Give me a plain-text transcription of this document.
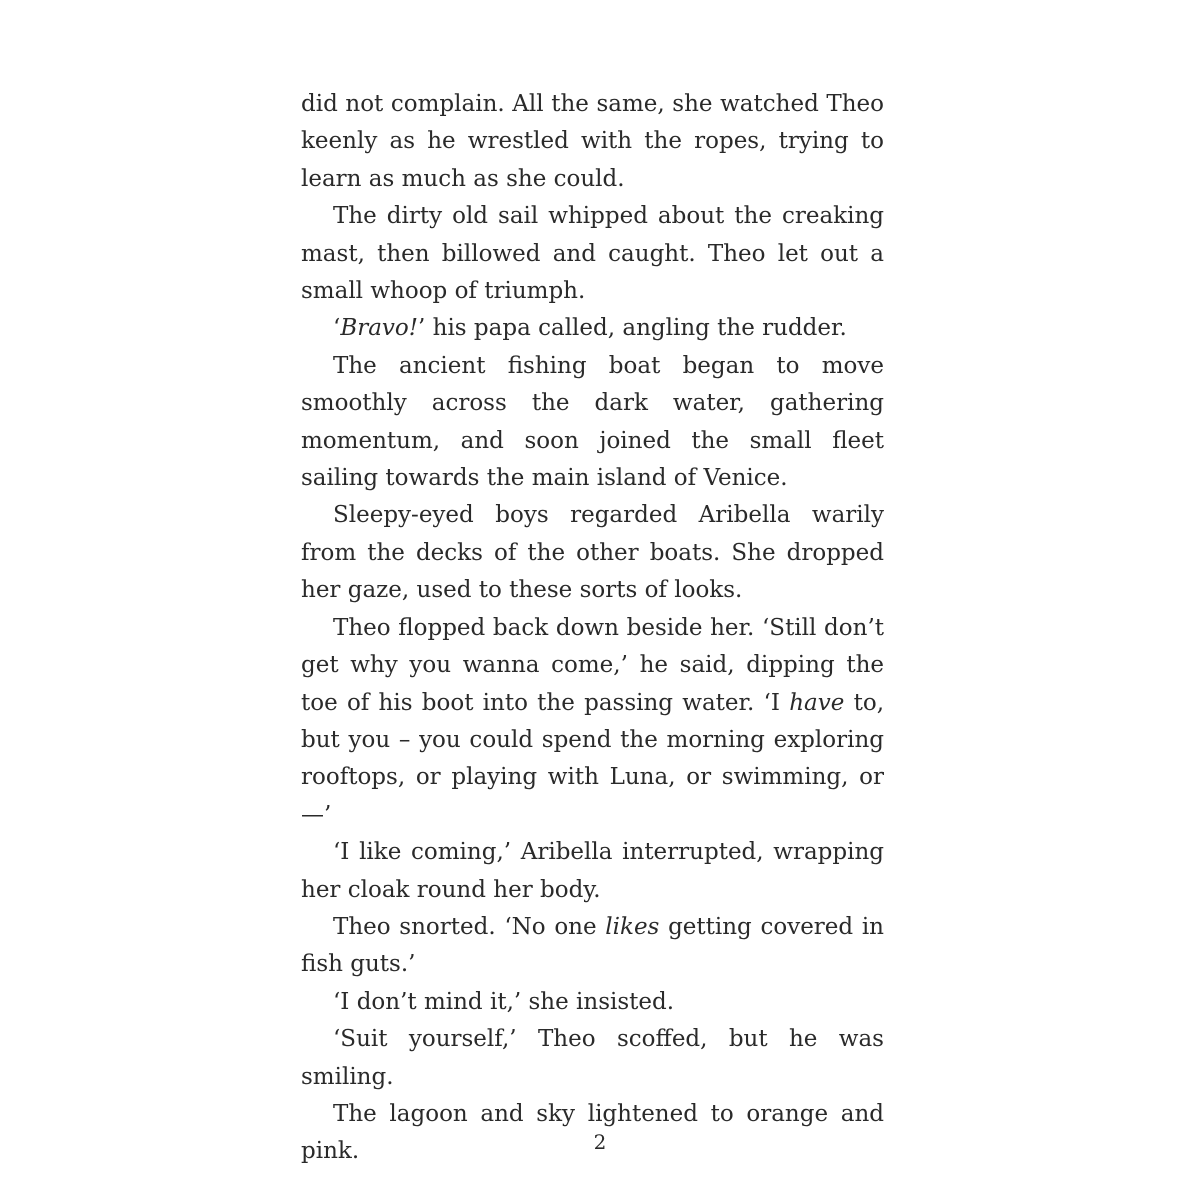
did not complain. All the same, she watched Theo keenly as he wrestled with the ropes, trying to learn as much as she could.

The dirty old sail whipped about the creaking mast, then billowed and caught. Theo let out a small whoop of triumph.

‘Bravo!’ his papa called, angling the rudder.

The ancient fishing boat began to move smoothly across the dark water, gathering momentum, and soon joined the small fleet sailing towards the main island of Venice.

Sleepy-eyed boys regarded Aribella warily from the decks of the other boats. She dropped her gaze, used to these sorts of looks.

Theo flopped back down beside her. ‘Still don’t get why you wanna come,’ he said, dipping the toe of his boot into the passing water. ‘I have to, but you – you could spend the morning exploring rooftops, or playing with Luna, or swimming, or—’

‘I like coming,’ Aribella interrupted, wrapping her cloak round her body.

Theo snorted. ‘No one likes getting covered in fish guts.’

‘I don’t mind it,’ she insisted.

‘Suit yourself,’ Theo scoffed, but he was smiling.

The lagoon and sky lightened to orange and pink.	2
